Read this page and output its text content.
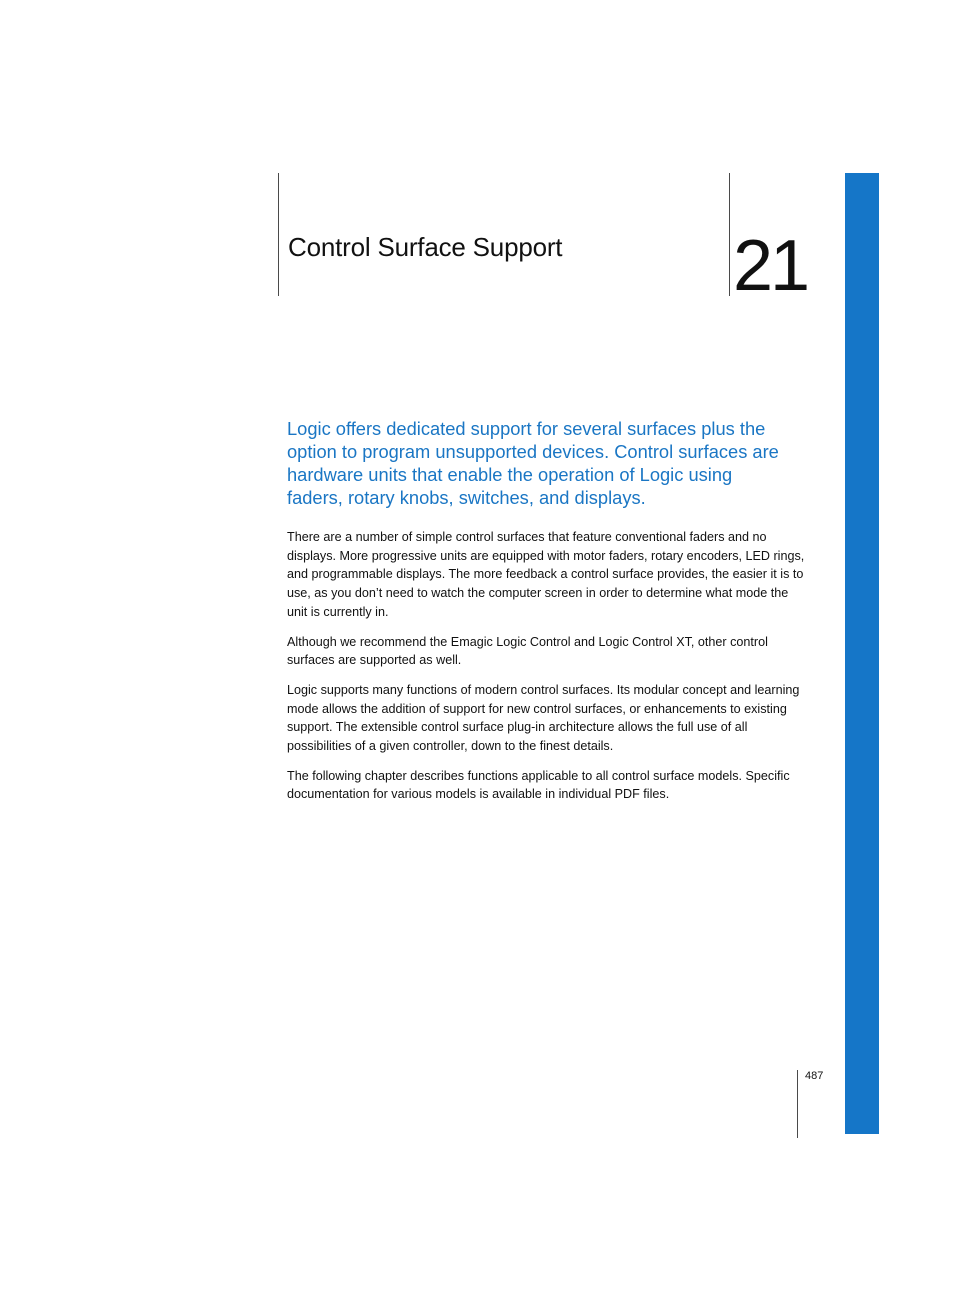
Control Surface Support 21

Logic offers dedicated support for several surfaces plus the option to program unsupported devices. Control surfaces are hardware units that enable the operation of Logic using faders, rotary knobs, switches, and displays.

There are a number of simple control surfaces that feature conventional faders and no displays. More progressive units are equipped with motor faders, rotary encoders, LED rings, and programmable displays. The more feedback a control surface provides, the easier it is to use, as you don’t need to watch the computer screen in order to determine what mode the unit is currently in.

Although we recommend the Emagic Logic Control and Logic Control XT, other control surfaces are supported as well.

Logic supports many functions of modern control surfaces. Its modular concept and learning mode allows the addition of support for new control surfaces, or enhancements to existing support. The extensible control surface plug-in architecture allows the full use of all possibilities of a given controller, down to the finest details.

The following chapter describes functions applicable to all control surface models. Specific documentation for various models is available in individual PDF files.

487
